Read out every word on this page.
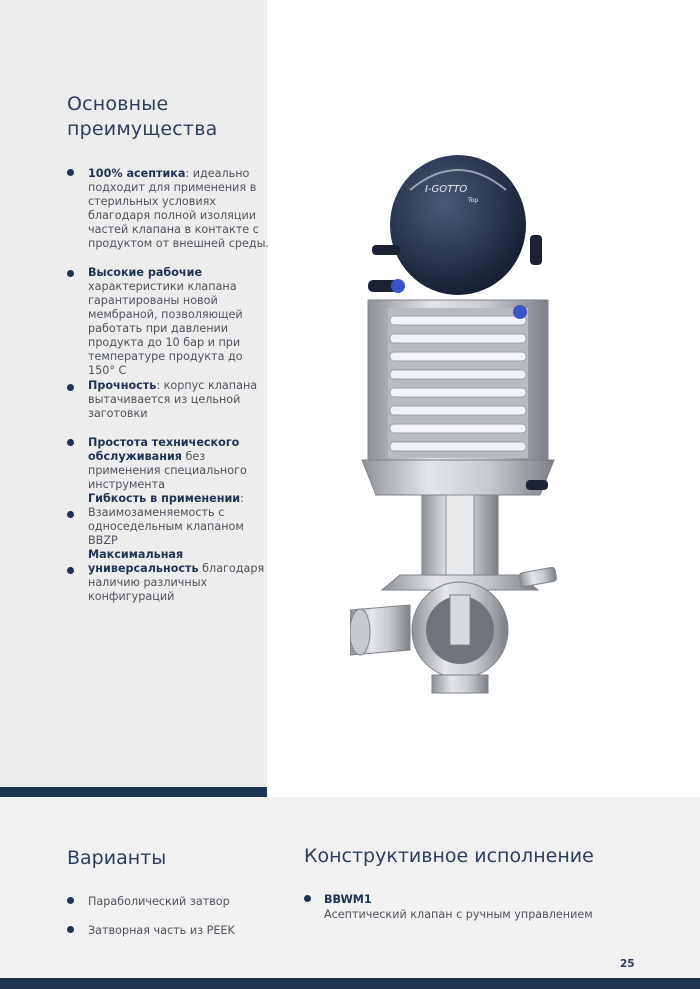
Основные преимущества
100% асептика: идеально подходит для применения в стерильных условиях благодаря полной изоляции частей клапана в контакте с продуктом от внешней среды.
Высокие рабочие характеристики клапана гарантированы новой мембраной, позволяющей работать при давлении продукта до 10 бар и при температуре продукта до 150° С
Прочность: корпус клапана вытачивается из цельной заготовки
Простота технического обслуживания без применения специального инструмента
Гибкость в применении: Взаимозаменяемость с односедельным клапаном BBZP
Максимальная универсальность благодаря наличию различных конфигураций
I-GOTTO
Top
Варианты
Параболический затвор
Затворная часть из PEEK
Конструктивное исполнение
BBWM1
Асептический клапан с ручным управлением
25
